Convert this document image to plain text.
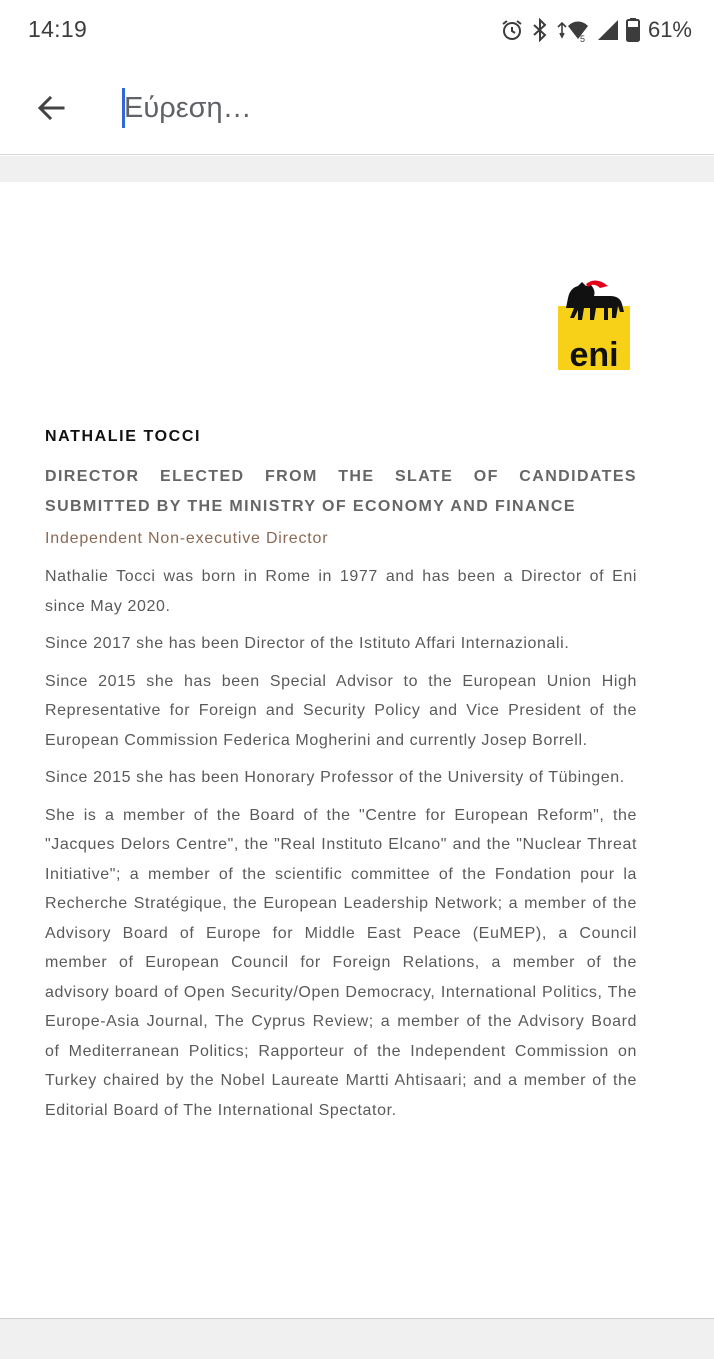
14:19	5	61%
Εύρεση…
eni
NATHALIE TOCCI
DIRECTOR ELECTED FROM THE SLATE OF CANDIDATES
SUBMITTED BY THE MINISTRY OF ECONOMY AND FINANCE
Independent Non-executive Director

Nathalie Tocci was born in Rome in 1977 and has been a Director of Eni since May 2020.

Since 2017 she has been Director of the Istituto Affari Internazionali.

Since 2015 she has been Special Advisor to the European Union High Representative for Foreign and Security Policy and Vice President of the European Commission Federica Mogherini and currently Josep Borrell.

Since 2015 she has been Honorary Professor of the University of Tübingen.

She is a member of the Board of the "Centre for European Reform", the "Jacques Delors Centre", the "Real Instituto Elcano" and the "Nuclear Threat Initiative"; a member of the scientific committee of the Fondation pour la Recherche Stratégique, the European Leadership Network; a member of the Advisory Board of Europe for Middle East Peace (EuMEP), a Council member of European Council for Foreign Relations, a member of the advisory board of Open Security/Open Democracy, International Politics, The Europe-Asia Journal, The Cyprus Review; a member of the Advisory Board of Mediterranean Politics; Rapporteur of the Independent Commission on Turkey chaired by the Nobel Laureate Martti Ahtisaari; and a member of the Editorial Board of The International Spectator.
